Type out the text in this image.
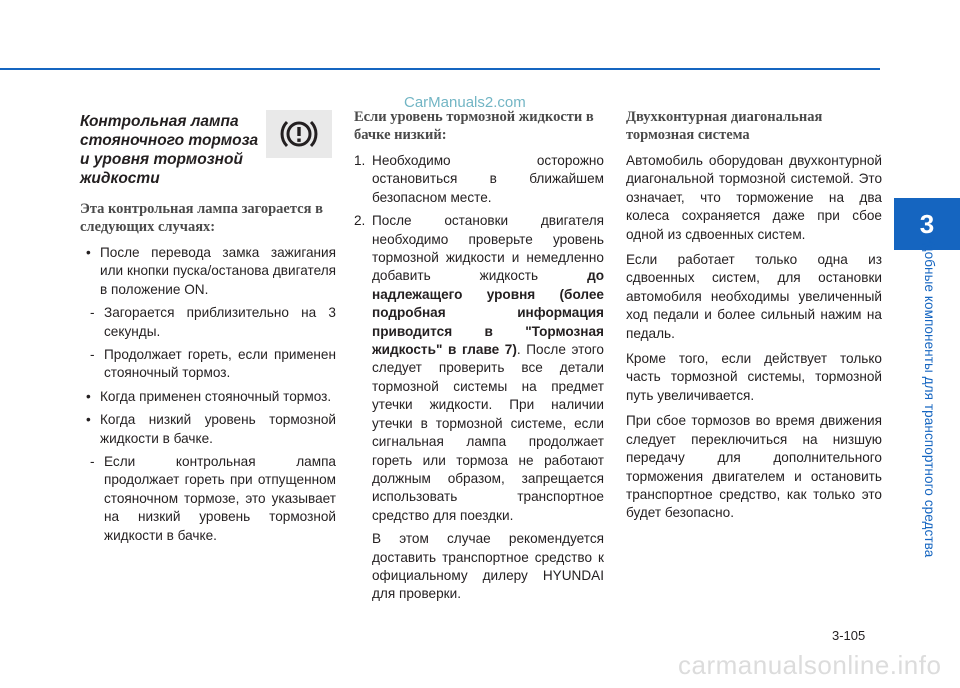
CarManuals2.com
3
Удобные компоненты для транспортного средства
Контрольная лампа стояночного тормоза и уровня тормозной жидкости
Эта контрольная лампа загорается в следующих случаях:
• После перевода замка зажигания или кнопки пуска/останова двигателя в положение ON.
- Загорается приблизительно на 3 секунды.
- Продолжает гореть, если применен стояночный тормоз.
• Когда применен стояночный тормоз.
• Когда низкий уровень тормозной жидкости в бачке.
- Если контрольная лампа продолжает гореть при отпущенном стояночном тормозе, это указывает на низкий уровень тормозной жидкости в бачке.
Если уровень тормозной жидкости в бачке низкий:
1. Необходимо осторожно остановиться в ближайшем безопасном месте.
2. После остановки двигателя необходимо проверьте уровень тормозной жидкости и немедленно добавить жидкость	до надлежащего уровня (более подробная информация приводится в "Тормозная жидкость" в главе 7). После этого следует проверить все детали тормозной системы на предмет утечки жидкости. При наличии утечки в тормозной системе, если сигнальная лампа продолжает гореть или тормоза не работают должным образом, запрещается использовать транспортное средство для поездки.

В этом случае рекомендуется доставить транспортное средство к официальному дилеру HYUNDAI для проверки.

Двухконтурная диагональная тормозная система

Автомобиль оборудован двухконтурной диагональной тормозной системой. Это означает, что торможение на два колеса сохраняется даже при сбое одной из сдвоенных систем.

Если работает только одна из сдвоенных систем, для остановки автомобиля необходимы увеличенный ход педали и более сильный нажим на педаль.

Кроме того, если действует только часть тормозной системы, тормозной путь увеличивается.

При сбое тормозов во время движения следует переключиться на низшую передачу для дополнительного торможения двигателем и остановить транспортное средство, как только это будет безопасно.

3-105
carmanualsonline.info
